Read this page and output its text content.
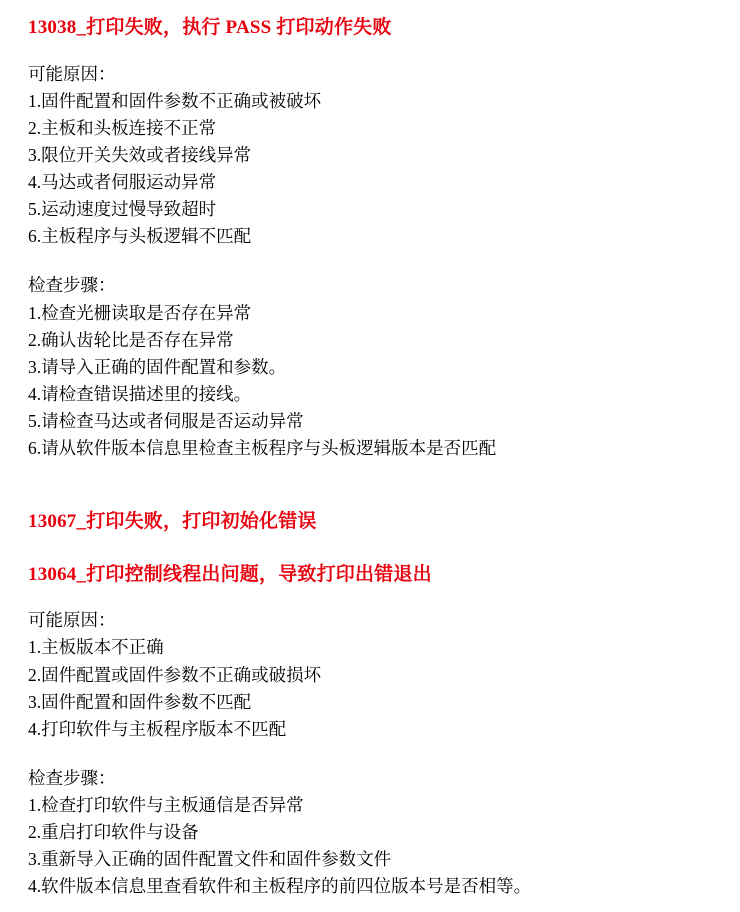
13038_打印失败，执行 PASS 打印动作失败
可能原因：
1.固件配置和固件参数不正确或被破坏
2.主板和头板连接不正常
3.限位开关失效或者接线异常
4.马达或者伺服运动异常
5.运动速度过慢导致超时
6.主板程序与头板逻辑不匹配
检查步骤：
1.检查光栅读取是否存在异常
2.确认齿轮比是否存在异常
3.请导入正确的固件配置和参数。
4.请检查错误描述里的接线。
5.请检查马达或者伺服是否运动异常
6.请从软件版本信息里检查主板程序与头板逻辑版本是否匹配
13067_打印失败，打印初始化错误
13064_打印控制线程出问题，导致打印出错退出
可能原因：
1.主板版本不正确
2.固件配置或固件参数不正确或破损坏
3.固件配置和固件参数不匹配
4.打印软件与主板程序版本不匹配
检查步骤：
1.检查打印软件与主板通信是否异常
2.重启打印软件与设备
3.重新导入正确的固件配置文件和固件参数文件
4.软件版本信息里查看软件和主板程序的前四位版本号是否相等。
